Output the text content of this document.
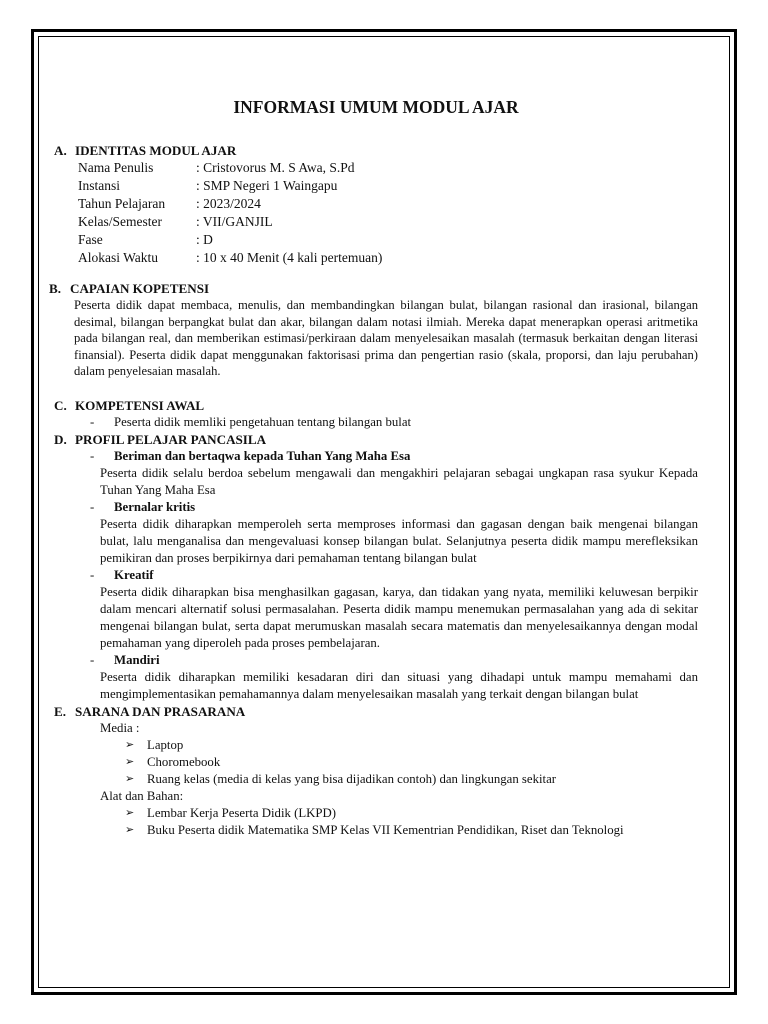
INFORMASI UMUM MODUL AJAR
A. IDENTITAS MODUL AJAR
Nama Penulis	: Cristovorus M. S Awa, S.Pd
Instansi	: SMP Negeri 1 Waingapu
Tahun Pelajaran	: 2023/2024
Kelas/Semester	: VII/GANJIL
Fase	: D
Alokasi Waktu	: 10 x 40 Menit (4 kali pertemuan)
B. CAPAIAN KOPETENSI

Peserta didik dapat membaca, menulis, dan membandingkan bilangan bulat, bilangan rasional dan irasional, bilangan desimal, bilangan berpangkat bulat dan akar, bilangan dalam notasi ilmiah. Mereka dapat menerapkan operasi aritmetika pada bilangan real, dan memberikan estimasi/perkiraan dalam menyelesaikan masalah (termasuk berkaitan dengan literasi finansial). Peserta didik dapat menggunakan faktorisasi prima dan pengertian rasio (skala, proporsi, dan laju perubahan) dalam penyelesaian masalah.

C. KOMPETENSI AWAL
-	Peserta didik memliki pengetahuan tentang bilangan bulat
D. PROFIL PELAJAR PANCASILA
-	Beriman dan bertaqwa kepada Tuhan Yang Maha Esa

Peserta didik selalu berdoa sebelum mengawali dan mengakhiri pelajaran sebagai ungkapan rasa syukur Kepada Tuhan Yang Maha Esa

-	Bernalar kritis

Peserta didik diharapkan memperoleh serta memproses informasi dan gagasan dengan baik mengenai bilangan bulat, lalu menganalisa dan mengevaluasi konsep bilangan bulat. Selanjutnya peserta didik mampu merefleksikan pemikiran dan proses berpikirnya dari pemahaman tentang bilangan bulat

-	Kreatif

Peserta didik diharapkan bisa menghasilkan gagasan, karya, dan tidakan yang nyata, memiliki keluwesan berpikir dalam mencari alternatif solusi permasalahan. Peserta didik mampu menemukan permasalahan yang ada di sekitar mengenai bilangan bulat, serta dapat merumuskan masalah secara matematis dan menyelesaikannya dengan modal pemahaman yang diperoleh pada proses pembelajaran.

-	Mandiri

Peserta didik diharapkan memiliki kesadaran diri dan situasi yang dihadapi untuk mampu memahami dan mengimplementasikan pemahamannya dalam menyelesaikan masalah yang terkait dengan bilangan bulat

E. SARANA DAN PRASARANA
Media :
➢ Laptop
➢ Choromebook
➢ Ruang kelas (media di kelas yang bisa dijadikan contoh) dan lingkungan sekitar
Alat dan Bahan:
➢ Lembar Kerja Peserta Didik (LKPD)
➢ Buku Peserta didik Matematika SMP Kelas VII Kementrian Pendidikan, Riset dan Teknologi
